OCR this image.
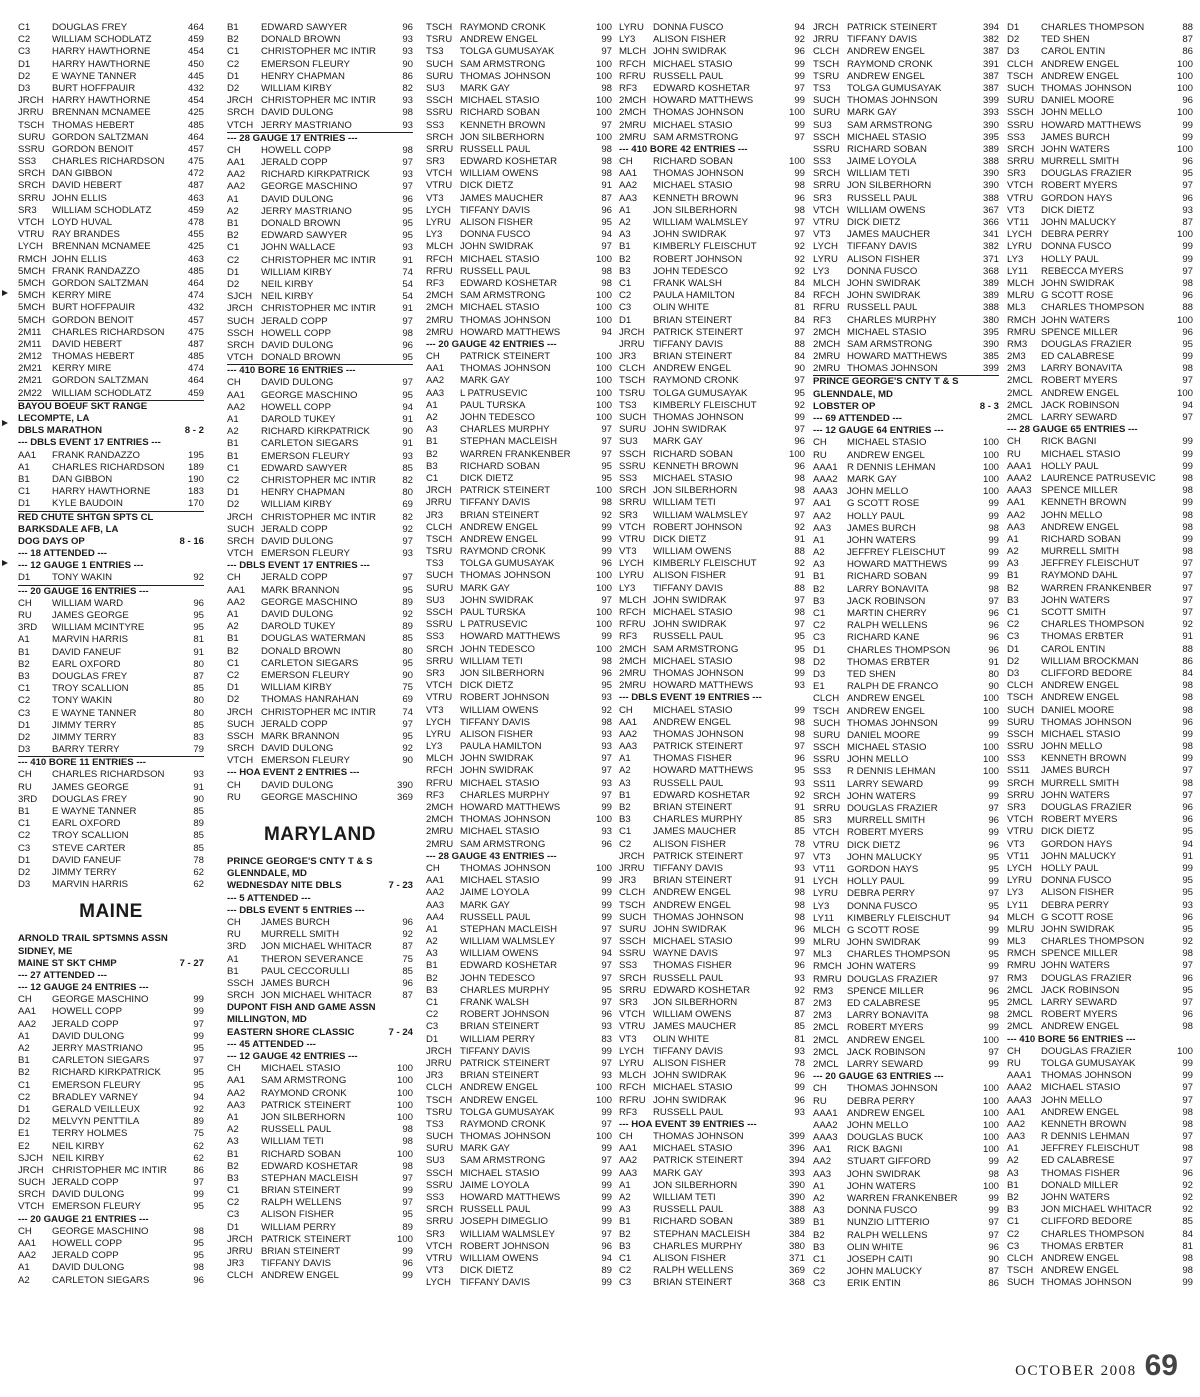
C1	DOUGLAS FREY	464
C2	WILLIAM SCHODLATZ	459
C3	HARRY HAWTHORNE	454
D1	HARRY HAWTHORNE	450
D2	E WAYNE TANNER	445
D3	BURT HOFFPAUIR	432
JRCH HARRY HAWTHORNE	454
JRRU BRENNAN MCNAMEE	425
TSCH THOMAS HEBERT	485
SURU GORDON SALTZMAN	464
SSRU GORDON BENOIT	457
SS3	CHARLES RICHARDSON	475
SRCH DAN GIBBON	472
SRCH DAVID HEBERT	487
SRRU JOHN ELLIS	463
SR3	WILLIAM SCHODLATZ	459
VTCH LOYD HUVAL	478
VTRU RAY BRANDES	455
LYCH BRENNAN MCNAMEE	425
RMCH JOHN ELLIS	463
5MCH FRANK RANDAZZO	485
5MCH GORDON SALTZMAN	464
5MCH KERRY MIRE	474
5MCH BURT HOFFPAUIR	432
5MCH GORDON BENOIT	457
2M11	CHARLES RICHARDSON	475
2M11	DAVID HEBERT	487
2M12	THOMAS HEBERT	485
2M21	KERRY MIRE	474
2M21	GORDON SALTZMAN	464
2M22	WILLIAM SCHODLATZ	459
BAYOU BOEUF SKT RANGE
LECOMPTE, LA
DBLS MARATHON	8 - 2
--- DBLS EVENT 17 ENTRIES ---
AA1	FRANK RANDAZZO	195
A1	CHARLES RICHARDSON	189
B1	DAN GIBBON	190
C1	HARRY HAWTHORNE	183
D1	KYLE BAUDOIN	170
RED CHUTE SHTGN SPTS CL
BARKSDALE AFB, LA
DOG DAYS OP	8 - 16
--- 18 ATTENDED ---
--- 12 GAUGE 1 ENTRIES ---
D1	TONY WAKIN	92
--- 20 GAUGE 16 ENTRIES ---
CH	WILLIAM WARD	96
RU	JAMES GEORGE	95
3RD	WILLIAM MCINTYRE	95
A1	MARVIN HARRIS	81
B1	DAVID FANEUF	91
B2	EARL OXFORD	80
B3	DOUGLAS FREY	87
C1	TROY SCALLION	85
C2	TONY WAKIN	80
C3	E WAYNE TANNER	80
D1	JIMMY TERRY	85
D2	JIMMY TERRY	83
D3	BARRY TERRY	79
--- 410 BORE 11 ENTRIES ---
CH	CHARLES RICHARDSON	93
RU	JAMES GEORGE	91
3RD	DOUGLAS FREY	90
B1	E WAYNE TANNER	85
C1	EARL OXFORD	89
C2	TROY SCALLION	85
C3	STEVE CARTER	85
D1	DAVID FANEUF	78
D2	JIMMY TERRY	62
D3	MARVIN HARRIS	62
MAINE
ARNOLD TRAIL SPTSMNS ASSN
SIDNEY, ME
MAINE ST SKT CHMP	7 - 27
--- 27 ATTENDED ---
--- 12 GAUGE 24 ENTRIES ---
CH	GEORGE MASCHINO	99
AA1	HOWELL COPP	99
AA2	JERALD COPP	97
A1	DAVID DULONG	99
A2	JERRY MASTRIANO	95
B1	CARLETON SIEGARS	97
B2	RICHARD KIRKPATRICK	95
C1	EMERSON FLEURY	95
C2	BRADLEY VARNEY	94
D1	GERALD VEILLEUX	92
D2	MELVYN PENTTILA	89
E1	TERRY HOLMES	75
E2	NEIL KIRBY	62
SJCH NEIL KIRBY	62
JRCH CHRISTOPHER MC INTIR	86
SUCH JERALD COPP	97
SRCH DAVID DULONG	99
VTCH EMERSON FLEURY	95
--- 20 GAUGE 21 ENTRIES ---
CH	GEORGE MASCHINO	98
AA1	HOWELL COPP	95
AA2	JERALD COPP	95
A1	DAVID DULONG	98
A2	CARLETON SIEGARS	96
B1	EDWARD SAWYER	96
B2	DONALD BROWN	93
C1	CHRISTOPHER MC INTIR	93
C2	EMERSON FLEURY	90
D1	HENRY CHAPMAN	86
D2	WILLIAM KIRBY	82
JRCH CHRISTOPHER MC INTIR	93
SRCH DAVID DULONG	98
VTCH JERRY MASTRIANO	93
--- 28 GAUGE 17 ENTRIES ---
CH	HOWELL COPP	98
AA1	JERALD COPP	97
AA2	RICHARD KIRKPATRICK	93
AA2	GEORGE MASCHINO	97
A1	DAVID DULONG	96
A2	JERRY MASTRIANO	95
B1	DONALD BROWN	95
B2	EDWARD SAWYER	95
C1	JOHN WALLACE	93
C2	CHRISTOPHER MC INTIR	91
D1	WILLIAM KIRBY	74
D2	NEIL KIRBY	54
SJCH NEIL KIRBY	54
JRCH CHRISTOPHER MC INTIR	91
SUCH JERALD COPP	97
SSCH HOWELL COPP	98
SRCH DAVID DULONG	96
VTCH DONALD BROWN	95
--- 410 BORE 16 ENTRIES ---
CH	DAVID DULONG	97
AA1	GEORGE MASCHINO	95
AA2	HOWELL COPP	94
A1	DAROLD TUKEY	91
A2	RICHARD KIRKPATRICK	90
B1	CARLETON SIEGARS	91
B1	EMERSON FLEURY	93
C1	EDWARD SAWYER	85
C2	CHRISTOPHER MC INTIR	82
D1	HENRY CHAPMAN	80
D2	WILLIAM KIRBY	69
JRCH CHRISTOPHER MC INTIR	82
SUCH JERALD COPP	92
SRCH DAVID DULONG	97
VTCH EMERSON FLEURY	93
--- DBLS EVENT 17 ENTRIES ---
CH	JERALD COPP	97
AA1	MARK BRANNON	95
AA2	GEORGE MASCHINO	89
A1	DAVID DULONG	92
A2	DAROLD TUKEY	89
B1	DOUGLAS WATERMAN	85
B2	DONALD BROWN	80
C1	CARLETON SIEGARS	95
C2	EMERSON FLEURY	90
D1	WILLIAM KIRBY	75
D2	THOMAS HANRAHAN	69
JRCH CHRISTOPHER MC INTIR	74
SUCH JERALD COPP	97
SSCH MARK BRANNON	95
SRCH DAVID DULONG	92
VTCH EMERSON FLEURY	90
--- HOA EVENT 2 ENTRIES ---
CH	DAVID DULONG	390
RU	GEORGE MASCHINO	369
MARYLAND
PRINCE GEORGE'S CNTY T & S
GLENNDALE, MD
WEDNESDAY NITE DBLS	7 - 23
--- 5 ATTENDED ---
--- DBLS EVENT 5 ENTRIES ---
CH	JAMES BURCH	96
RU	MURRELL SMITH	92
3RD	JON MICHAEL WHITACR	87
A1	THERON SEVERANCE	75
B1	PAUL CECCORULLI	85
SSCH JAMES BURCH	96
SRCH JON MICHAEL WHITACR	87
DUPONT FISH AND GAME ASSN
MILLINGTON, MD
EASTERN SHORE CLASSIC	7 - 24
--- 45 ATTENDED ---
--- 12 GAUGE 42 ENTRIES ---
CH	MICHAEL STASIO	100
AA1	SAM ARMSTRONG	100
AA2	RAYMOND CRONK	100
AA3	PATRICK STEINERT	100
A1	JON SILBERHORN	100
A2	RUSSELL PAUL	98
A3	WILLIAM TETI	98
B1	RICHARD SOBAN	100
B2	EDWARD KOSHETAR	98
B3	STEPHAN MACLEISH	97
C1	BRIAN STEINERT	99
C2	RALPH WELLENS	97
C3	ALISON FISHER	95
D1	WILLIAM PERRY	89
JRCH PATRICK STEINERT	100
JRRU BRIAN STEINERT	99
JR3	TIFFANY DAVIS	96
CLCH ANDREW ENGEL	99
TSCH RAYMOND CRONK	100
TSRU ANDREW ENGEL	99
TS3	TOLGA GUMUSAYAK	97
SUCH SAM ARMSTRONG	100
SURU THOMAS JOHNSON	100
SU3	MARK GAY	98
SSCH MICHAEL STASIO	100
SSRU RICHARD SOBAN	100
SS3	KENNETH BROWN	97
SRCH JON SILBERHORN	100
SRRU RUSSELL PAUL	98
SR3	EDWARD KOSHETAR	98
VTCH WILLIAM OWENS	98
VTRU DICK DIETZ	91
VT3	JAMES MAUCHER	87
LYCH TIFFANY DAVIS	96
LYRU ALISON FISHER	95
LY3	DONNA FUSCO	94
MLCH JOHN SWIDRAK	97
RFCH MICHAEL STASIO	100
RFRU RUSSELL PAUL	98
RF3	EDWARD KOSHETAR	98
2MCH SAM ARMSTRONG	100
2MCH MICHAEL STASIO	100
2MRU THOMAS JOHNSON	100
2MRU HOWARD MATTHEWS	94
--- 20 GAUGE 42 ENTRIES ---
CH	PATRICK STEINERT	100
AA1	THOMAS JOHNSON	100
AA2	MARK GAY	100
AA3	L PATRUSEVIC	100
A1	PAUL TURSKA	100
A2	JOHN TEDESCO	100
A3	CHARLES MURPHY	97
B1	STEPHAN MACLEISH	97
B2	WARREN FRANKENBER	97
B3	RICHARD SOBAN	95
C1	DICK DIETZ	95
JRCH PATRICK STEINERT	100
JRRU TIFFANY DAVIS	98
JR3	BRIAN STEINERT	92
CLCH ANDREW ENGEL	99
TSCH ANDREW ENGEL	99
TSRU RAYMOND CRONK	99
TS3	TOLGA GUMUSAYAK	96
SUCH THOMAS JOHNSON	100
SURU MARK GAY	100
SU3	JOHN SWIDRAK	97
SSCH PAUL TURSKA	100
SSRU L PATRUSEVIC	100
SS3	HOWARD MATTHEWS	99
SRCH JOHN TEDESCO	100
SRRU WILLIAM TETI	98
SR3	JON SILBERHORN	96
VTCH DICK DIETZ	95
VTRU ROBERT JOHNSON	93
VT3	WILLIAM OWENS	92
LYCH TIFFANY DAVIS	98
LYRU ALISON FISHER	93
LY3	PAULA HAMILTON	93
MLCH JOHN SWIDRAK	97
RFCH JOHN SWIDRAK	97
RFRU MICHAEL STASIO	93
RF3	CHARLES MURPHY	97
2MCH HOWARD MATTHEWS	99
2MCH THOMAS JOHNSON	100
2MRU MICHAEL STASIO	93
2MRU SAM ARMSTRONG	96
--- 28 GAUGE 43 ENTRIES ---
CH	THOMAS JOHNSON	100
AA1	MICHAEL STASIO	99
AA2	JAIME LOYOLA	99
AA3	MARK GAY	99
AA4	RUSSELL PAUL	99
A1	STEPHAN MACLEISH	97
A2	WILLIAM WALMSLEY	97
A3	WILLIAM OWENS	94
B1	EDWARD KOSHETAR	97
B2	JOHN TEDESCO	97
B3	CHARLES MURPHY	95
C1	FRANK WALSH	97
C2	ROBERT JOHNSON	96
C3	BRIAN STEINERT	93
D1	WILLIAM PERRY	83
JRCH TIFFANY DAVIS	99
JRRU PATRICK STEINERT	97
JR3	BRIAN STEINERT	93
CLCH ANDREW ENGEL	100
TSCH ANDREW ENGEL	100
TSRU TOLGA GUMUSAYAK	99
TS3	RAYMOND CRONK	97
SUCH THOMAS JOHNSON	100
SURU MARK GAY	99
SU3	SAM ARMSTRONG	97
SSCH MICHAEL STASIO	99
SSRU JAIME LOYOLA	99
SS3	HOWARD MATTHEWS	99
SRCH RUSSELL PAUL	99
SRRU JOSEPH DIMEGLIO	99
SR3	WILLIAM WALMSLEY	97
VTCH ROBERT JOHNSON	96
VTRU WILLIAM OWENS	94
VT3	DICK DIETZ	89
LYCH TIFFANY DAVIS	99
LYRU DONNA FUSCO	94
LY3	ALISON FISHER	92
MLCH JOHN SWIDRAK	96
RFCH MICHAEL STASIO	99
RFRU RUSSELL PAUL	99
RF3	EDWARD KOSHETAR	97
2MCH HOWARD MATTHEWS	99
2MCH THOMAS JOHNSON	100
2MRU MICHAEL STASIO	99
2MRU SAM ARMSTRONG	97
--- 410 BORE 42 ENTRIES ---
CH	RICHARD SOBAN	100
AA1	THOMAS JOHNSON	99
AA2	MICHAEL STASIO	98
AA3	KENNETH BROWN	96
A1	JON SILBERHORN	98
A2	WILLIAM WALMSLEY	97
A3	JOHN SWIDRAK	97
B1	KIMBERLY FLEISCHUT	92
B2	ROBERT JOHNSON	92
B3	JOHN TEDESCO	92
C1	FRANK WALSH	84
C2	PAULA HAMILTON	84
C3	OLIN WHITE	81
D1	BRIAN STEINERT	84
JRCH PATRICK STEINERT	97
JRRU TIFFANY DAVIS	88
JR3	BRIAN STEINERT	84
CLCH ANDREW ENGEL	90
TSCH RAYMOND CRONK	97
TSRU TOLGA GUMUSAYAK	95
TS3	KIMBERLY FLEISCHUT	92
SUCH THOMAS JOHNSON	99
SURU JOHN SWIDRAK	97
SU3	MARK GAY	96
SSCH RICHARD SOBAN	100
SSRU KENNETH BROWN	96
SS3	MICHAEL STASIO	98
SRCH JON SILBERHORN	98
SRRU WILLIAM TETI	97
SR3	WILLIAM WALMSLEY	97
VTCH ROBERT JOHNSON	92
VTRU DICK DIETZ	91
VT3	WILLIAM OWENS	88
LYCH KIMBERLY FLEISCHUT	92
LYRU ALISON FISHER	91
LY3	TIFFANY DAVIS	88
MLCH JOHN SWIDRAK	97
RFCH MICHAEL STASIO	98
RFRU JOHN SWIDRAK	97
RF3	RUSSELL PAUL	95
2MCH SAM ARMSTRONG	95
2MCH MICHAEL STASIO	98
2MRU THOMAS JOHNSON	99
2MRU HOWARD MATTHEWS	93
--- DBLS EVENT 19 ENTRIES ---
CH	MICHAEL STASIO	99
AA1	ANDREW ENGEL	98
AA2	THOMAS JOHNSON	98
AA3	PATRICK STEINERT	97
A1	THOMAS FISHER	96
A2	HOWARD MATTHEWS	95
A3	RUSSELL PAUL	93
B1	EDWARD KOSHETAR	92
B2	BRIAN STEINERT	91
B3	CHARLES MURPHY	85
C1	JAMES MAUCHER	85
C2	ALISON FISHER	78
JRCH PATRICK STEINERT	97
JRRU TIFFANY DAVIS	93
JR3	BRIAN STEINERT	91
CLCH ANDREW ENGEL	98
TSCH ANDREW ENGEL	98
SUCH THOMAS JOHNSON	98
SURU JOHN SWIDRAK	96
SSCH MICHAEL STASIO	99
SSRU WAYNE DAVIS	97
SS3	THOMAS FISHER	96
SRCH RUSSELL PAUL	93
SRRU EDWARD KOSHETAR	92
SR3	JON SILBERHORN	87
VTCH WILLIAM OWENS	87
VTRU JAMES MAUCHER	85
VT3	OLIN WHITE	81
LYCH TIFFANY DAVIS	93
LYRU ALISON FISHER	78
MLCH JOHN SWIDRAK	96
RFCH MICHAEL STASIO	99
RFRU JOHN SWIDRAK	96
RF3	RUSSELL PAUL	93
--- HOA EVENT 39 ENTRIES ---
CH	THOMAS JOHNSON	399
AA1	MICHAEL STASIO	396
AA2	PATRICK STEINERT	394
AA3	MARK GAY	393
A1	JON SILBERHORN	390
A2	WILLIAM TETI	390
A3	RUSSELL PAUL	388
B1	RICHARD SOBAN	389
B2	STEPHAN MACLEISH	384
B3	CHARLES MURPHY	380
C1	ALISON FISHER	371
C2	RALPH WELLENS	369
C3	BRIAN STEINERT	368
JRCH PATRICK STEINERT	394
JRRU TIFFANY DAVIS	382
CLCH ANDREW ENGEL	387
TSCH RAYMOND CRONK	391
TSRU ANDREW ENGEL	387
TS3	TOLGA GUMUSAYAK	387
SUCH THOMAS JOHNSON	399
SURU MARK GAY	393
SU3	SAM ARMSTRONG	390
SSCH MICHAEL STASIO	395
SSRU RICHARD SOBAN	389
SS3	JAIME LOYOLA	388
SRCH WILLIAM TETI	390
SRRU JON SILBERHORN	390
SR3	RUSSELL PAUL	388
VTCH WILLIAM OWENS	367
VTRU DICK DIETZ	366
VT3	JAMES MAUCHER	341
LYCH TIFFANY DAVIS	382
LYRU ALISON FISHER	371
LY3	DONNA FUSCO	368
MLCH JOHN SWIDRAK	389
RFCH JOHN SWIDRAK	389
RFRU RUSSELL PAUL	388
RF3	CHARLES MURPHY	380
2MCH MICHAEL STASIO	395
2MCH SAM ARMSTRONG	390
2MRU HOWARD MATTHEWS	385
2MRU THOMAS JOHNSON	399
PRINCE GEORGE'S CNTY T & S
GLENNDALE, MD
LOBSTER OP	8 - 3
--- 69 ATTENDED ---
--- 12 GAUGE 64 ENTRIES ---
CH	MICHAEL STASIO	100
RU	ANDREW ENGEL	100
AAA1 R DENNIS LEHMAN	100
AAA2 MARK GAY	100
AAA3 JOHN MELLO	100
AA1	G SCOTT ROSE	99
AA2	HOLLY PAUL	99
AA3	JAMES BURCH	98
A1	JOHN WATERS	99
A2	JEFFREY FLEISCHUT	99
A3	HOWARD MATTHEWS	99
B1	RICHARD SOBAN	99
B2	LARRY BONAVITA	98
B3	JACK ROBINSON	97
C1	MARTIN CHERRY	96
C2	RALPH WELLENS	96
C3	RICHARD KANE	96
D1	CHARLES THOMPSON	96
D2	THOMAS ERBTER	91
D3	TED SHEN	80
E1	RALPH DE FRANCO	90
CLCH ANDREW ENGEL	100
TSCH ANDREW ENGEL	100
SUCH THOMAS JOHNSON	99
SURU DANIEL MOORE	99
SSCH MICHAEL STASIO	100
SSRU JOHN MELLO	100
SS3	R DENNIS LEHMAN	100
SS11	LARRY SEWARD	99
SRCH JOHN WATERS	99
SRRU DOUGLAS FRAZIER	97
SR3	MURRELL SMITH	96
VTCH ROBERT MYERS	99
VTRU DICK DIETZ	96
VT3	JOHN MALUCKY	95
VT11	GORDON HAYS	95
LYCH HOLLY PAUL	99
LYRU DEBRA PERRY	97
LY3	DONNA FUSCO	95
LY11	KIMBERLY FLEISCHUT	94
MLCH G SCOTT ROSE	99
MLRU JOHN SWIDRAK	99
ML3	CHARLES THOMPSON	95
RMCH JOHN WATERS	99
RMRU DOUGLAS FRAZIER	97
RM3	SPENCE MILLER	96
2M3	ED CALABRESE	95
2M3	LARRY BONAVITA	98
2MCL ROBERT MYERS	99
2MCL ANDREW ENGEL	100
2MCL JACK ROBINSON	97
2MCL LARRY SEWARD	99
--- 20 GAUGE 63 ENTRIES ---
CH	THOMAS JOHNSON	100
RU	DEBRA PERRY	100
AAA1 ANDREW ENGEL	100
AAA2 JOHN MELLO	100
AAA3 DOUGLAS BUCK	100
AA1	RICK BAGNI	100
AA2	STUART GIFFORD	99
AA3	JOHN SWIDRAK	98
A1	JOHN WATERS	100
A2	WARREN FRANKENBER	99
A3	DONNA FUSCO	99
B1	NUNZIO LITTERIO	97
B2	RALPH WELLENS	97
B3	OLIN WHITE	96
C1	JOSEPH CAITI	90
C2	JOHN MALUCKY	87
C3	ERIK ENTIN	86
D1	CHARLES THOMPSON	88
D2	TED SHEN	87
D3	CAROL ENTIN	86
CLCH ANDREW ENGEL	100
TSCH ANDREW ENGEL	100
SUCH THOMAS JOHNSON	100
SURU DANIEL MOORE	96
SSCH JOHN MELLO	100
SSRU HOWARD MATTHEWS	99
SS3	JAMES BURCH	99
SRCH JOHN WATERS	100
SRRU MURRELL SMITH	96
SR3	DOUGLAS FRAZIER	95
VTCH ROBERT MYERS	97
VTRU GORDON HAYS	96
VT3	DICK DIETZ	93
VT11	JOHN MALUCKY	87
LYCH DEBRA PERRY	100
LYRU DONNA FUSCO	99
LY3	HOLLY PAUL	99
LY11	REBECCA MYERS	97
MLCH JOHN SWIDRAK	98
MLRU G SCOTT ROSE	96
ML3	CHARLES THOMPSON	88
RMCH JOHN WATERS	100
RMRU SPENCE MILLER	96
RM3	DOUGLAS FRAZIER	95
2M3	ED CALABRESE	99
2M3	LARRY BONAVITA	98
2MCL ROBERT MYERS	97
2MCL ANDREW ENGEL	100
2MCL JACK ROBINSON	94
2MCL LARRY SEWARD	97
--- 28 GAUGE 65 ENTRIES ---
CH	RICK BAGNI	99
RU	MICHAEL STASIO	99
AAA1 HOLLY PAUL	99
AAA2 LAURENCE PATRUSEVIC	98
AAA3 SPENCE MILLER	98
AA1	KENNETH BROWN	99
AA2	JOHN MELLO	98
AA3	ANDREW ENGEL	98
A1	RICHARD SOBAN	99
A2	MURRELL SMITH	98
A3	JEFFREY FLEISCHUT	97
B1	RAYMOND DAHL	97
B2	WARREN FRANKENBER	97
B3	JOHN WATERS	97
C1	SCOTT SMITH	97
C2	CHARLES THOMPSON	92
C3	THOMAS ERBTER	91
D1	CAROL ENTIN	88
D2	WILLIAM BROCKMAN	86
D3	CLIFFORD BEDORE	84
CLCH ANDREW ENGEL	98
TSCH ANDREW ENGEL	98
SUCH DANIEL MOORE	98
SURU THOMAS JOHNSON	96
SSCH MICHAEL STASIO	99
SSRU JOHN MELLO	98
SS3	KENNETH BROWN	99
SS11	JAMES BURCH	97
SRCH MURRELL SMITH	98
SRRU JOHN WATERS	97
SR3	DOUGLAS FRAZIER	96
VTCH ROBERT MYERS	96
VTRU DICK DIETZ	95
VT3	GORDON HAYS	94
VT11	JOHN MALUCKY	91
LYCH HOLLY PAUL	99
LYRU DONNA FUSCO	95
LY3	ALISON FISHER	95
LY11	DEBRA PERRY	93
MLCH G SCOTT ROSE	96
MLRU JOHN SWIDRAK	95
ML3	CHARLES THOMPSON	92
RMCH SPENCE MILLER	98
RMRU JOHN WATERS	97
RM3	DOUGLAS FRAZIER	96
2MCL JACK ROBINSON	95
2MCL LARRY SEWARD	97
2MCL ROBERT MYERS	96
2MCL ANDREW ENGEL	98
--- 410 BORE 56 ENTRIES ---
CH	DOUGLAS FRAZIER	100
RU	TOLGA GUMUSAYAK	99
AAA1 THOMAS JOHNSON	99
AAA2 MICHAEL STASIO	97
AAA3 JOHN MELLO	97
AA1	ANDREW ENGEL	98
AA2	KENNETH BROWN	98
AA3	R DENNIS LEHMAN	97
A1	JEFFREY FLEISCHUT	98
A2	ED CALABRESE	97
A3	THOMAS FISHER	96
B1	DONALD MILLER	92
B2	JOHN WATERS	92
B3	JON MICHAEL WHITACR	92
C1	CLIFFORD BEDORE	85
C2	CHARLES THOMPSON	84
C3	THOMAS ERBTER	81
CLCH ANDREW ENGEL	98
TSCH ANDREW ENGEL	98
SUCH THOMAS JOHNSON	99
OCTOBER 2008 69
